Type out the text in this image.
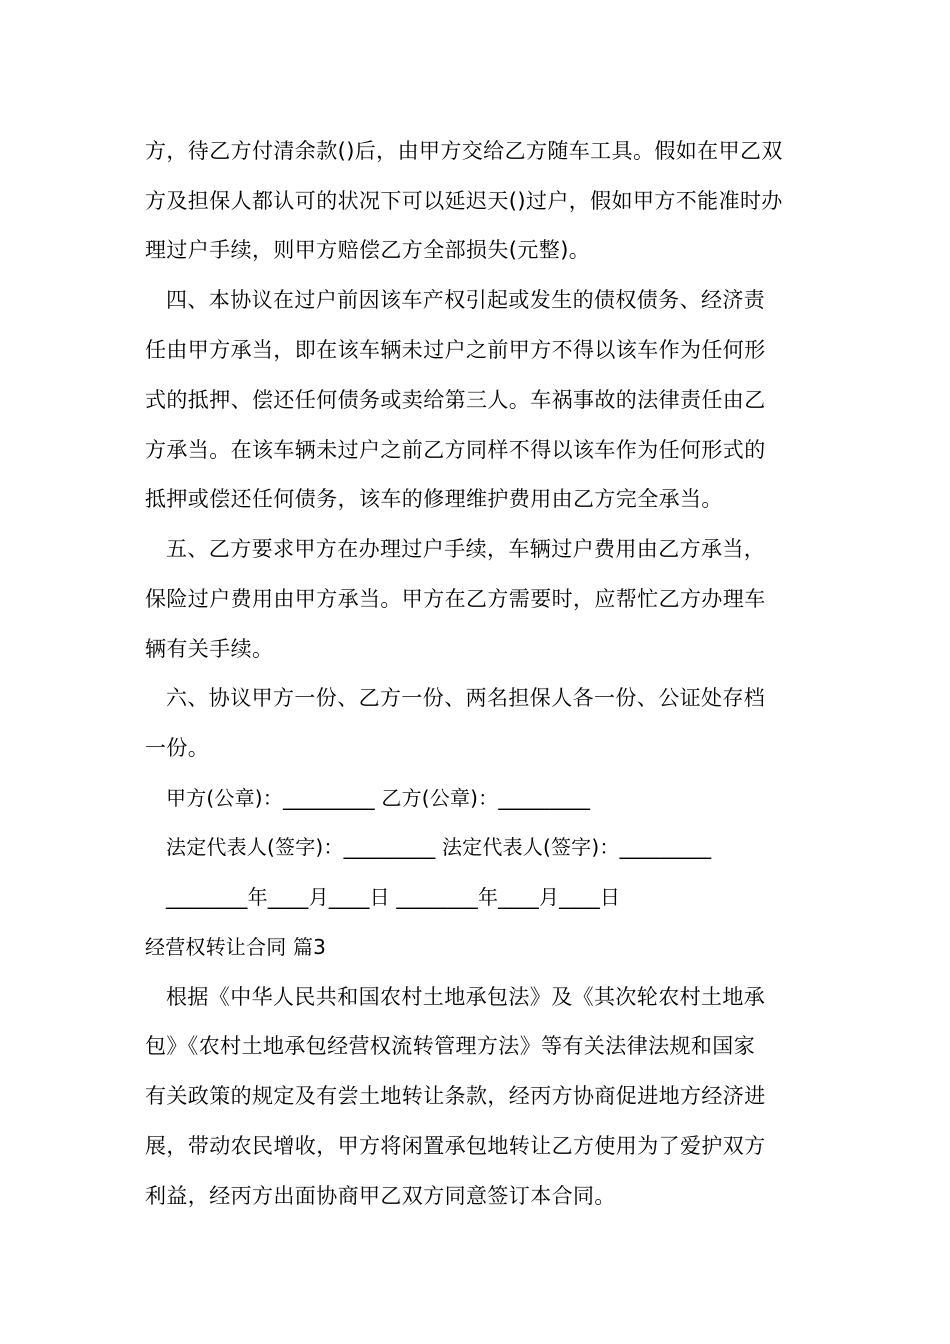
方，待乙方付清余款()后，由甲方交给乙方随车工具。假如在甲乙双
方及担保人都认可的状况下可以延迟天()过户，假如甲方不能准时办
理过户手续，则甲方赔偿乙方全部损失(元整)。
四、本协议在过户前因该车产权引起或发生的债权债务、经济责
任由甲方承当，即在该车辆未过户之前甲方不得以该车作为任何形
式的抵押、偿还任何债务或卖给第三人。车祸事故的法律责任由乙
方承当。在该车辆未过户之前乙方同样不得以该车作为任何形式的
抵押或偿还任何债务，该车的修理维护费用由乙方完全承当。
五、乙方要求甲方在办理过户手续，车辆过户费用由乙方承当，
保险过户费用由甲方承当。甲方在乙方需要时，应帮忙乙方办理车
辆有关手续。
六、协议甲方一份、乙方一份、两名担保人各一份、公证处存档
一份。
甲方(公章)：_________ 乙方(公章)：_________
法定代表人(签字)：_________ 法定代表人(签字)：_________
________年____月____日 ________年____月____日
经营权转让合同 篇3
根据《中华人民共和国农村土地承包法》及《其次轮农村土地承
包》《农村土地承包经营权流转管理方法》等有关法律法规和国家
有关政策的规定及有尝土地转让条款，经丙方协商促进地方经济进
展，带动农民增收，甲方将闲置承包地转让乙方使用为了爱护双方
利益，经丙方出面协商甲乙双方同意签订本合同。
